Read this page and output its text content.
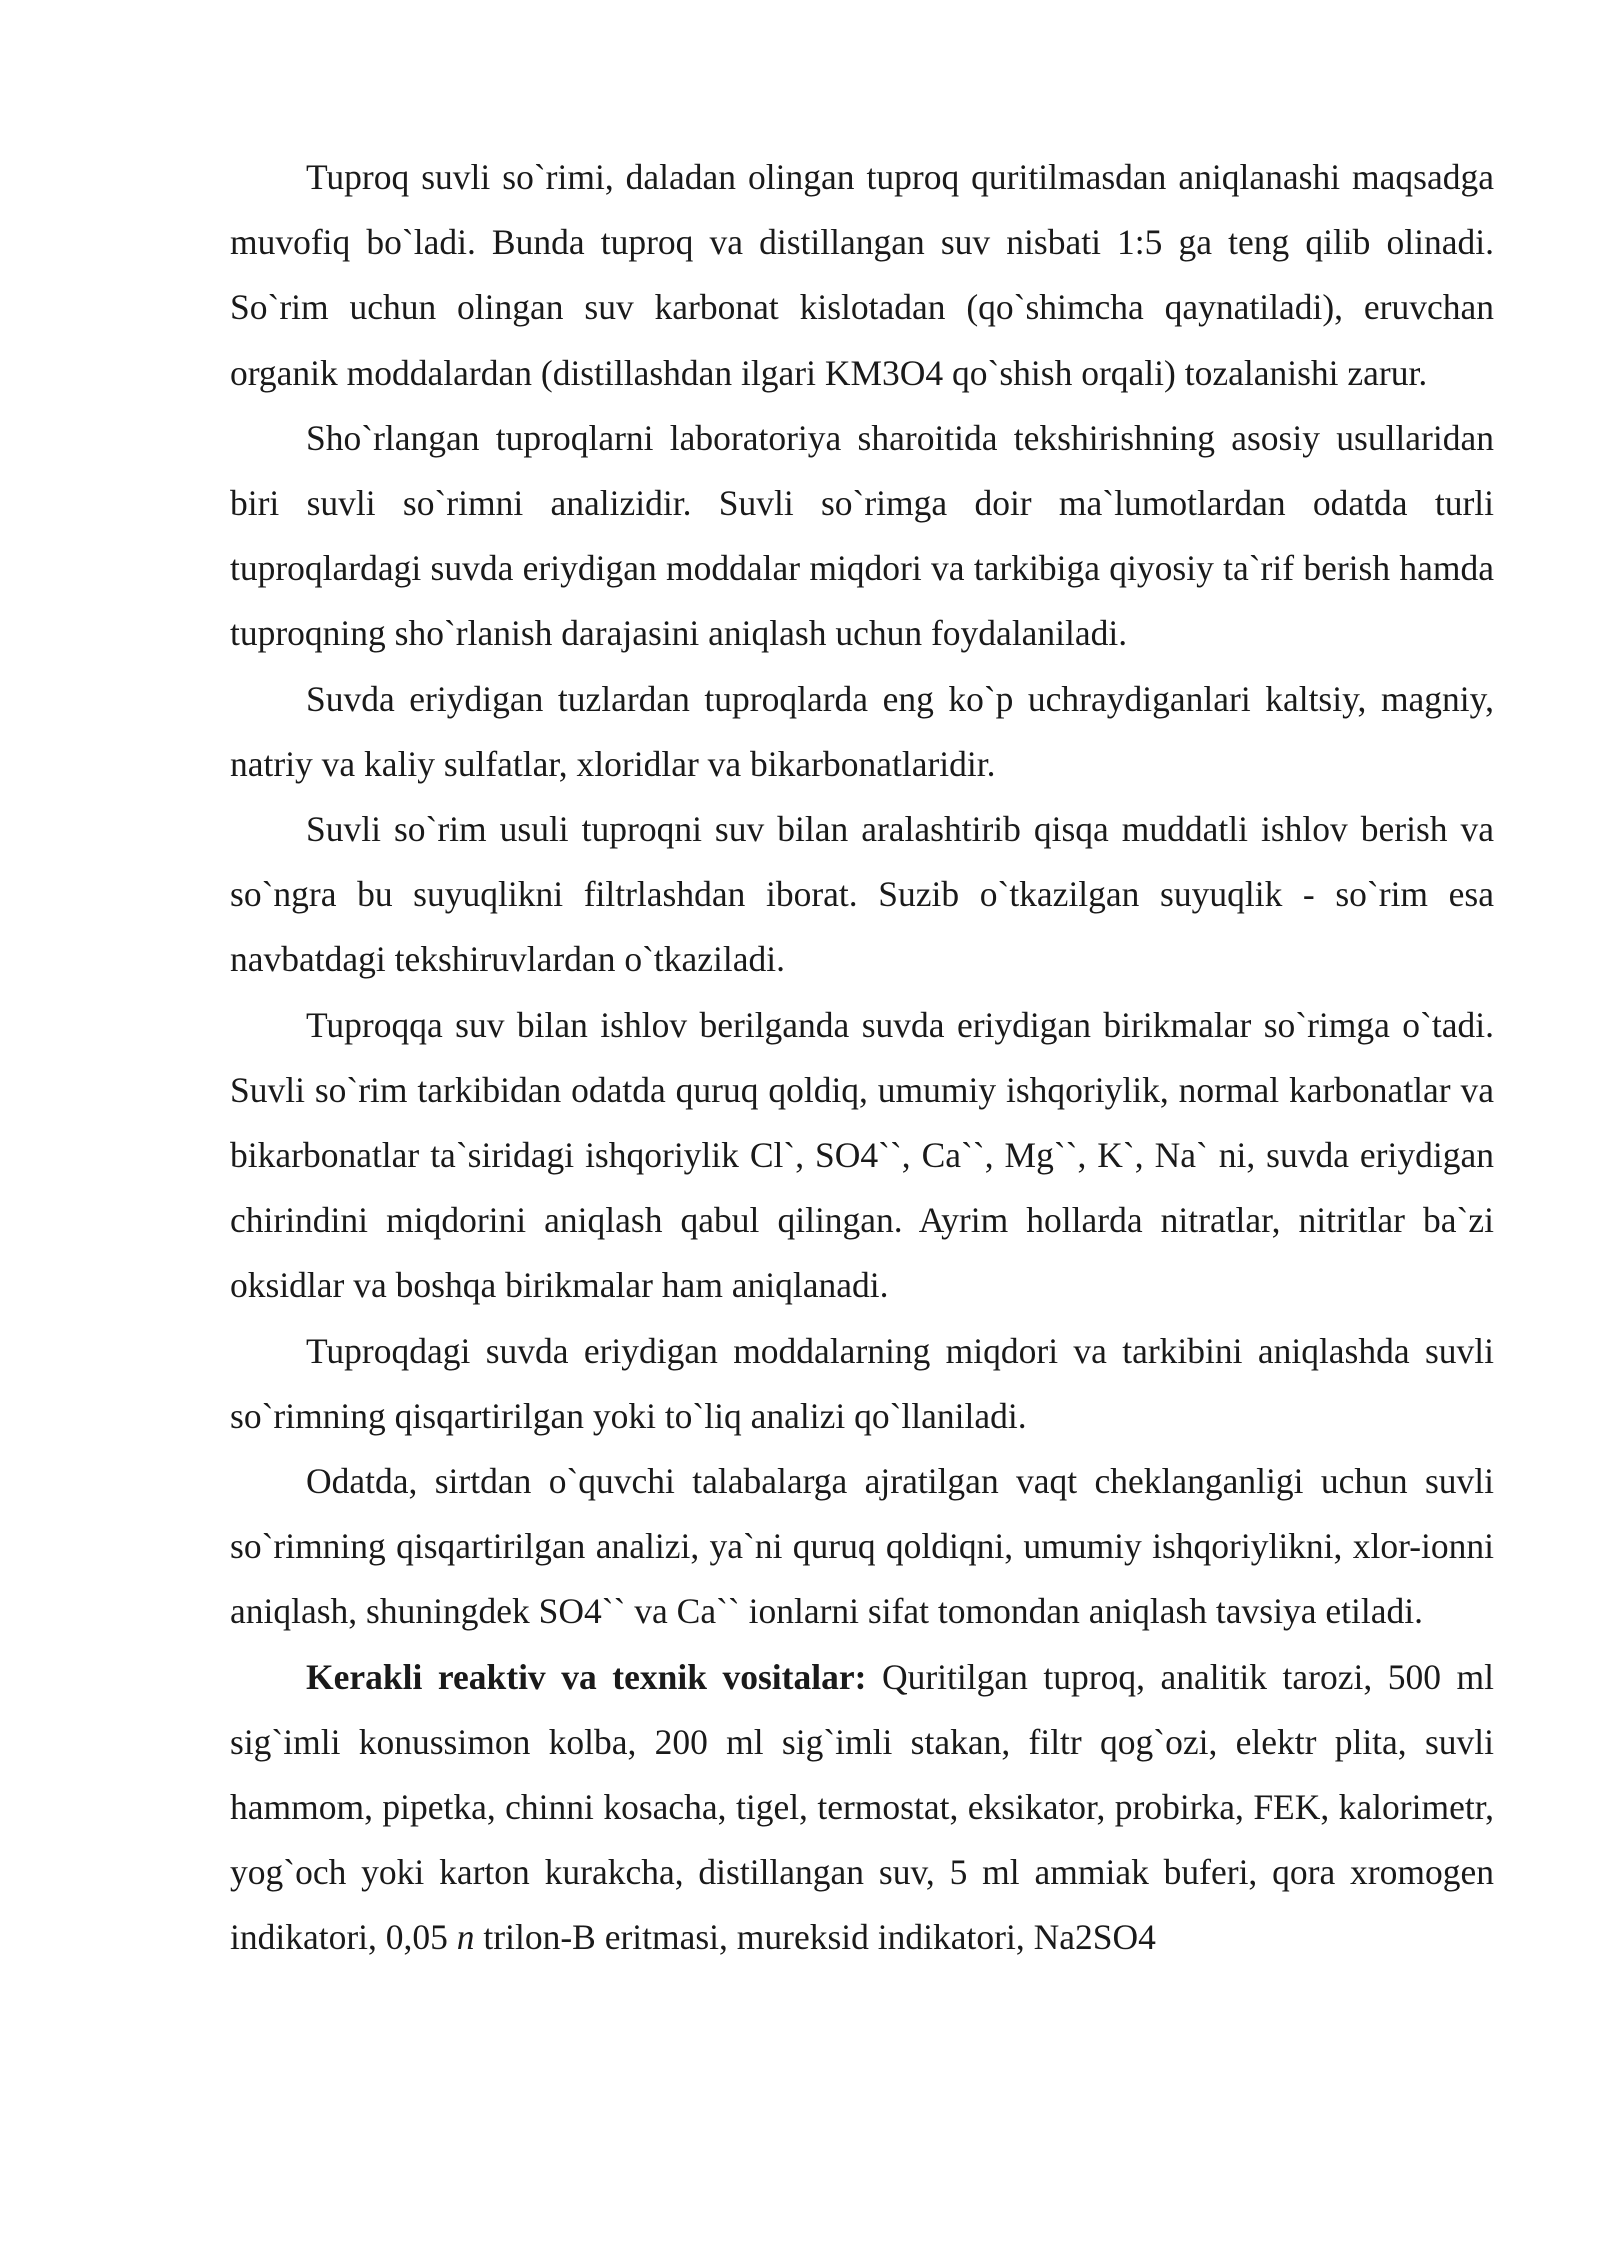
Tuproq suvli so`rimi, daladan olingan tuproq quritilmasdan aniqlanashi maqsadga muvofiq bo`ladi. Bunda tuproq va distillangan suv nisbati 1:5 ga teng qilib olinadi. So`rim uchun olingan suv karbonat kislotadan (qo`shimcha qaynatiladi), eruvchan organik moddalardan (distillashdan ilgari KM3O4 qo`shish orqali) tozalanishi zarur.

Sho`rlangan tuproqlarni laboratoriya sharoitida tekshirishning asosiy usullaridan biri suvli so`rimni analizidir. Suvli so`rimga doir ma`lumotlardan odatda turli tuproqlardagi suvda eriydigan moddalar miqdori va tarkibiga qiyosiy ta`rif berish hamda tuproqning sho`rlanish darajasini aniqlash uchun foydalaniladi.

Suvda eriydigan tuzlardan tuproqlarda eng ko`p uchraydiganlari kaltsiy, magniy, natriy va kaliy sulfatlar, xloridlar va bikarbonatlaridir.

Suvli so`rim usuli tuproqni suv bilan aralashtirib qisqa muddatli ishlov berish va so`ngra bu suyuqlikni filtrlashdan iborat. Suzib o`tkazilgan suyuqlik - so`rim esa navbatdagi tekshiruvlardan o`tkaziladi.

Tuproqqa suv bilan ishlov berilganda suvda eriydigan birikmalar so`rimga o`tadi. Suvli so`rim tarkibidan odatda quruq qoldiq, umumiy ishqoriylik, normal karbonatlar va bikarbonatlar ta`siridagi ishqoriylik Cl`, SO4``, Ca``, Mg``, K`, Na` ni, suvda eriydigan chirindini miqdorini aniqlash qabul qilingan. Ayrim hollarda nitratlar, nitritlar ba`zi oksidlar va boshqa birikmalar ham aniqlanadi.

Tuproqdagi suvda eriydigan moddalarning miqdori va tarkibini aniqlashda suvli so`rimning qisqartirilgan yoki to`liq analizi qo`llaniladi.

Odatda, sirtdan o`quvchi talabalarga ajratilgan vaqt cheklanganligi uchun suvli so`rimning qisqartirilgan analizi, ya`ni quruq qoldiqni, umumiy ishqoriylikni, xlor-ionni aniqlash, shuningdek SO4`` va Ca`` ionlarni sifat tomondan aniqlash tavsiya etiladi.

Kerakli reaktiv va texnik vositalar: Quritilgan tuproq, analitik tarozi, 500 ml sig`imli konussimon kolba, 200 ml sig`imli stakan, filtr qog`ozi, elektr plita, suvli hammom, pipetka, chinni kosacha, tigel, termostat, eksikator, probirka, FEK, kalorimetr, yog`och yoki karton kurakcha, distillangan suv, 5 ml ammiak buferi, qora xromogen indikatori, 0,05 n trilon-B eritmasi, mureksid indikatori, Na2SO4
